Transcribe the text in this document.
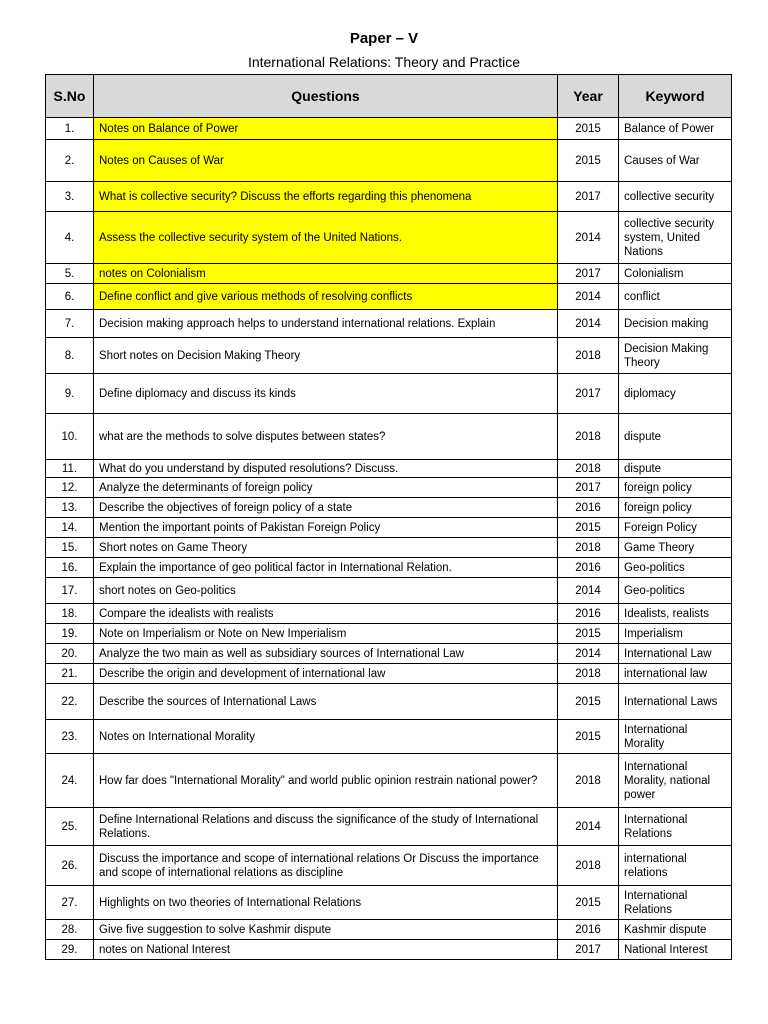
Paper – V
International Relations: Theory and Practice
S.No	Questions	Year	Keyword
1.	Notes on Balance of Power	2015	Balance of Power
2.	Notes on Causes of War	2015	Causes of War
3.	What is collective security? Discuss the efforts regarding this phenomena	2017	collective security
4.	Assess the collective security system of the United Nations.	2014	collective security system, United Nations
5.	notes on Colonialism	2017	Colonialism
6.	Define conflict and give various methods of resolving conflicts	2014	conflict
7.	Decision making approach helps to understand international relations. Explain	2014	Decision making
8.	Short notes on Decision Making Theory	2018	Decision Making Theory
9.	Define diplomacy and discuss its kinds	2017	diplomacy
10.	what are the methods to solve disputes between states?	2018	dispute
11.	What do you understand by disputed resolutions? Discuss.	2018	dispute
12.	Analyze the determinants of foreign policy	2017	foreign policy
13.	Describe the objectives of foreign policy of a state	2016	foreign policy
14.	Mention the important points of Pakistan Foreign Policy	2015	Foreign Policy
15.	Short notes on Game Theory	2018	Game Theory
16.	Explain the importance of geo political factor in International Relation.	2016	Geo-politics
17.	short notes on Geo-politics	2014	Geo-politics
18.	Compare the idealists with realists	2016	Idealists, realists
19.	Note on Imperialism or Note on New Imperialism	2015	Imperialism
20.	Analyze the two main as well as subsidiary sources of International Law	2014	International Law
21.	Describe the origin and development of international law	2018	international law
22.	Describe the sources of International Laws	2015	International Laws
23.	Notes on International Morality	2015	International Morality
24.	How far does "International Morality" and world public opinion restrain national power?	2018	International Morality, national power
25.	Define International Relations and discuss the significance of the study of International Relations.	2014	International Relations
26.	Discuss the importance and scope of international relations Or Discuss the importance and scope of international relations as discipline	2018	international relations
27.	Highlights on two theories of International Relations	2015	International Relations
28.	Give five suggestion to solve Kashmir dispute	2016	Kashmir dispute
29.	notes on National Interest	2017	National Interest
